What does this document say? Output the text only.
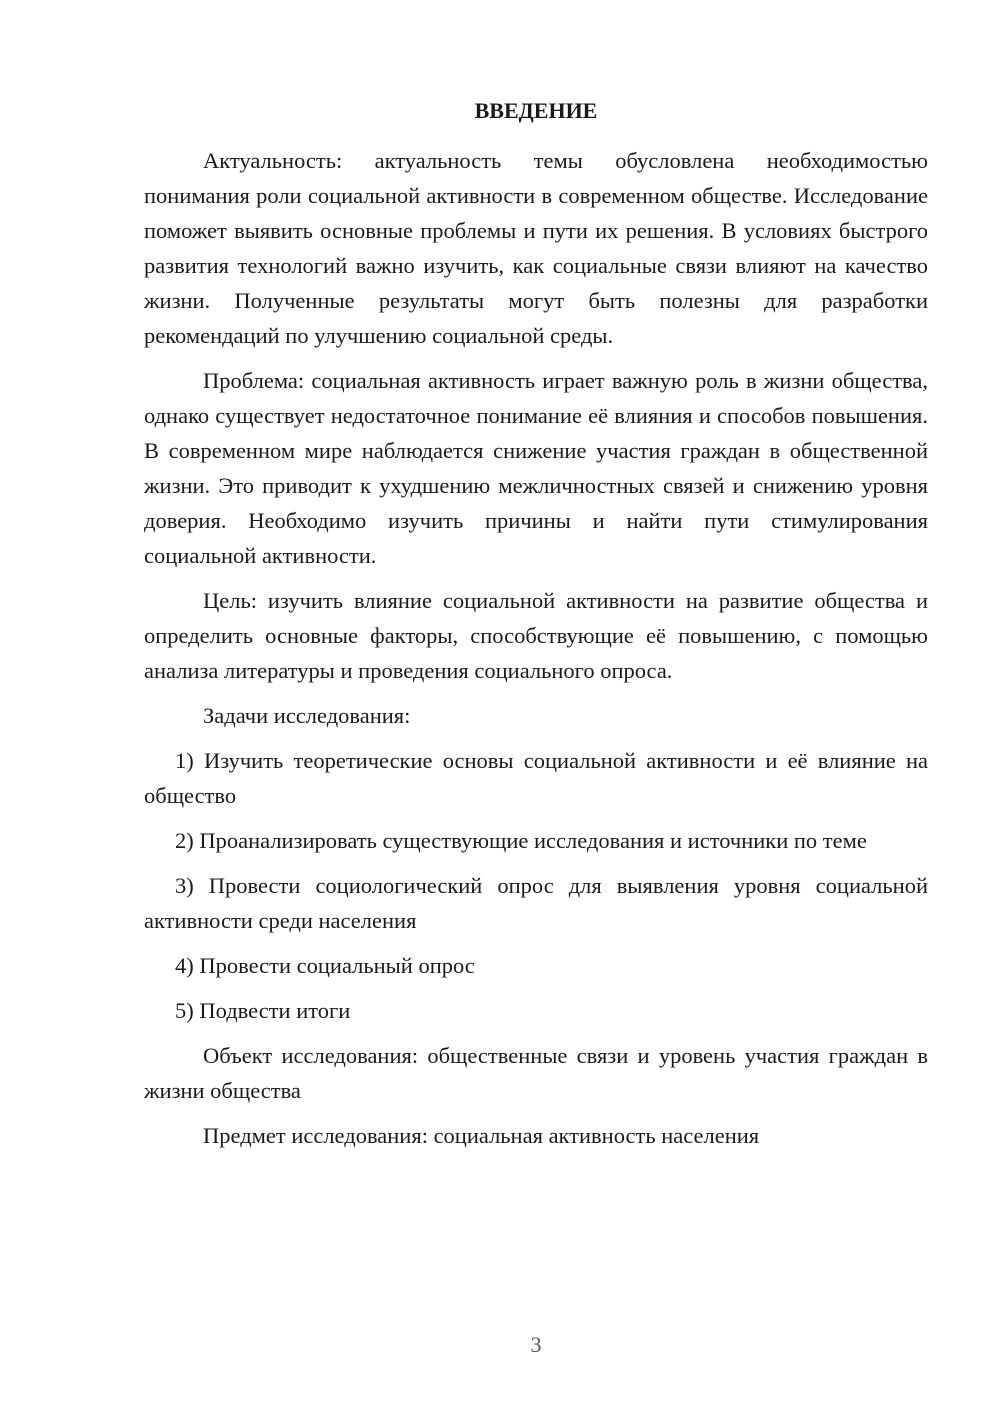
ВВЕДЕНИЕ

Актуальность: актуальность темы обусловлена необходимостью понимания роли социальной активности в современном обществе. Исследование поможет выявить основные проблемы и пути их решения. В условиях быстрого развития технологий важно изучить, как социальные связи влияют на качество жизни. Полученные результаты могут быть полезны для разработки рекомендаций по улучшению социальной среды.

Проблема: социальная активность играет важную роль в жизни общества, однако существует недостаточное понимание её влияния и способов повышения. В современном мире наблюдается снижение участия граждан в общественной жизни. Это приводит к ухудшению межличностных связей и снижению уровня доверия. Необходимо изучить причины и найти пути стимулирования социальной активности.

Цель: изучить влияние социальной активности на развитие общества и определить основные факторы, способствующие её повышению, с помощью анализа литературы и проведения социального опроса.

Задачи исследования:

1) Изучить теоретические основы социальной активности и её влияние на общество

2) Проанализировать существующие исследования и источники по теме

3) Провести социологический опрос для выявления уровня социальной активности среди населения

4) Провести социальный опрос

5) Подвести итоги

Объект исследования: общественные связи и уровень участия граждан в жизни общества

Предмет исследования: социальная активность населения

3
